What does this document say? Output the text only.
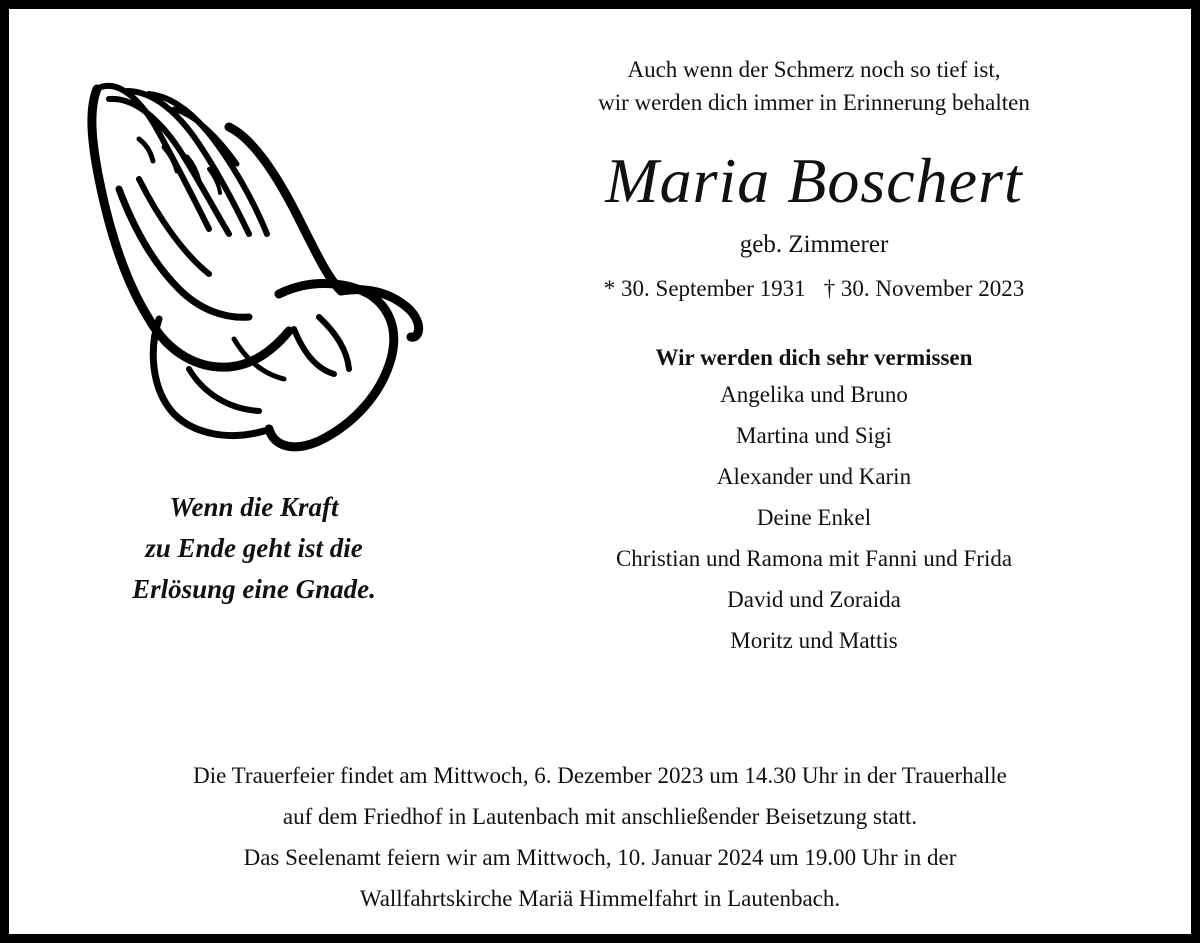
Wenn die Kraft
zu Ende geht ist die
Erlösung eine Gnade.
Auch wenn der Schmerz noch so tief ist,
wir werden dich immer in Erinnerung behalten
Maria Boschert
geb. Zimmerer
* 30. September 1931 † 30. November 2023
Wir werden dich sehr vermissen
Angelika und Bruno
Martina und Sigi
Alexander und Karin
Deine Enkel
Christian und Ramona mit Fanni und Frida
David und Zoraida
Moritz und Mattis
Die Trauerfeier findet am Mittwoch, 6. Dezember 2023 um 14.30 Uhr in der Trauerhalle
auf dem Friedhof in Lautenbach mit anschließender Beisetzung statt.
Das Seelenamt feiern wir am Mittwoch, 10. Januar 2024 um 19.00 Uhr in der
Wallfahrtskirche Mariä Himmelfahrt in Lautenbach.
